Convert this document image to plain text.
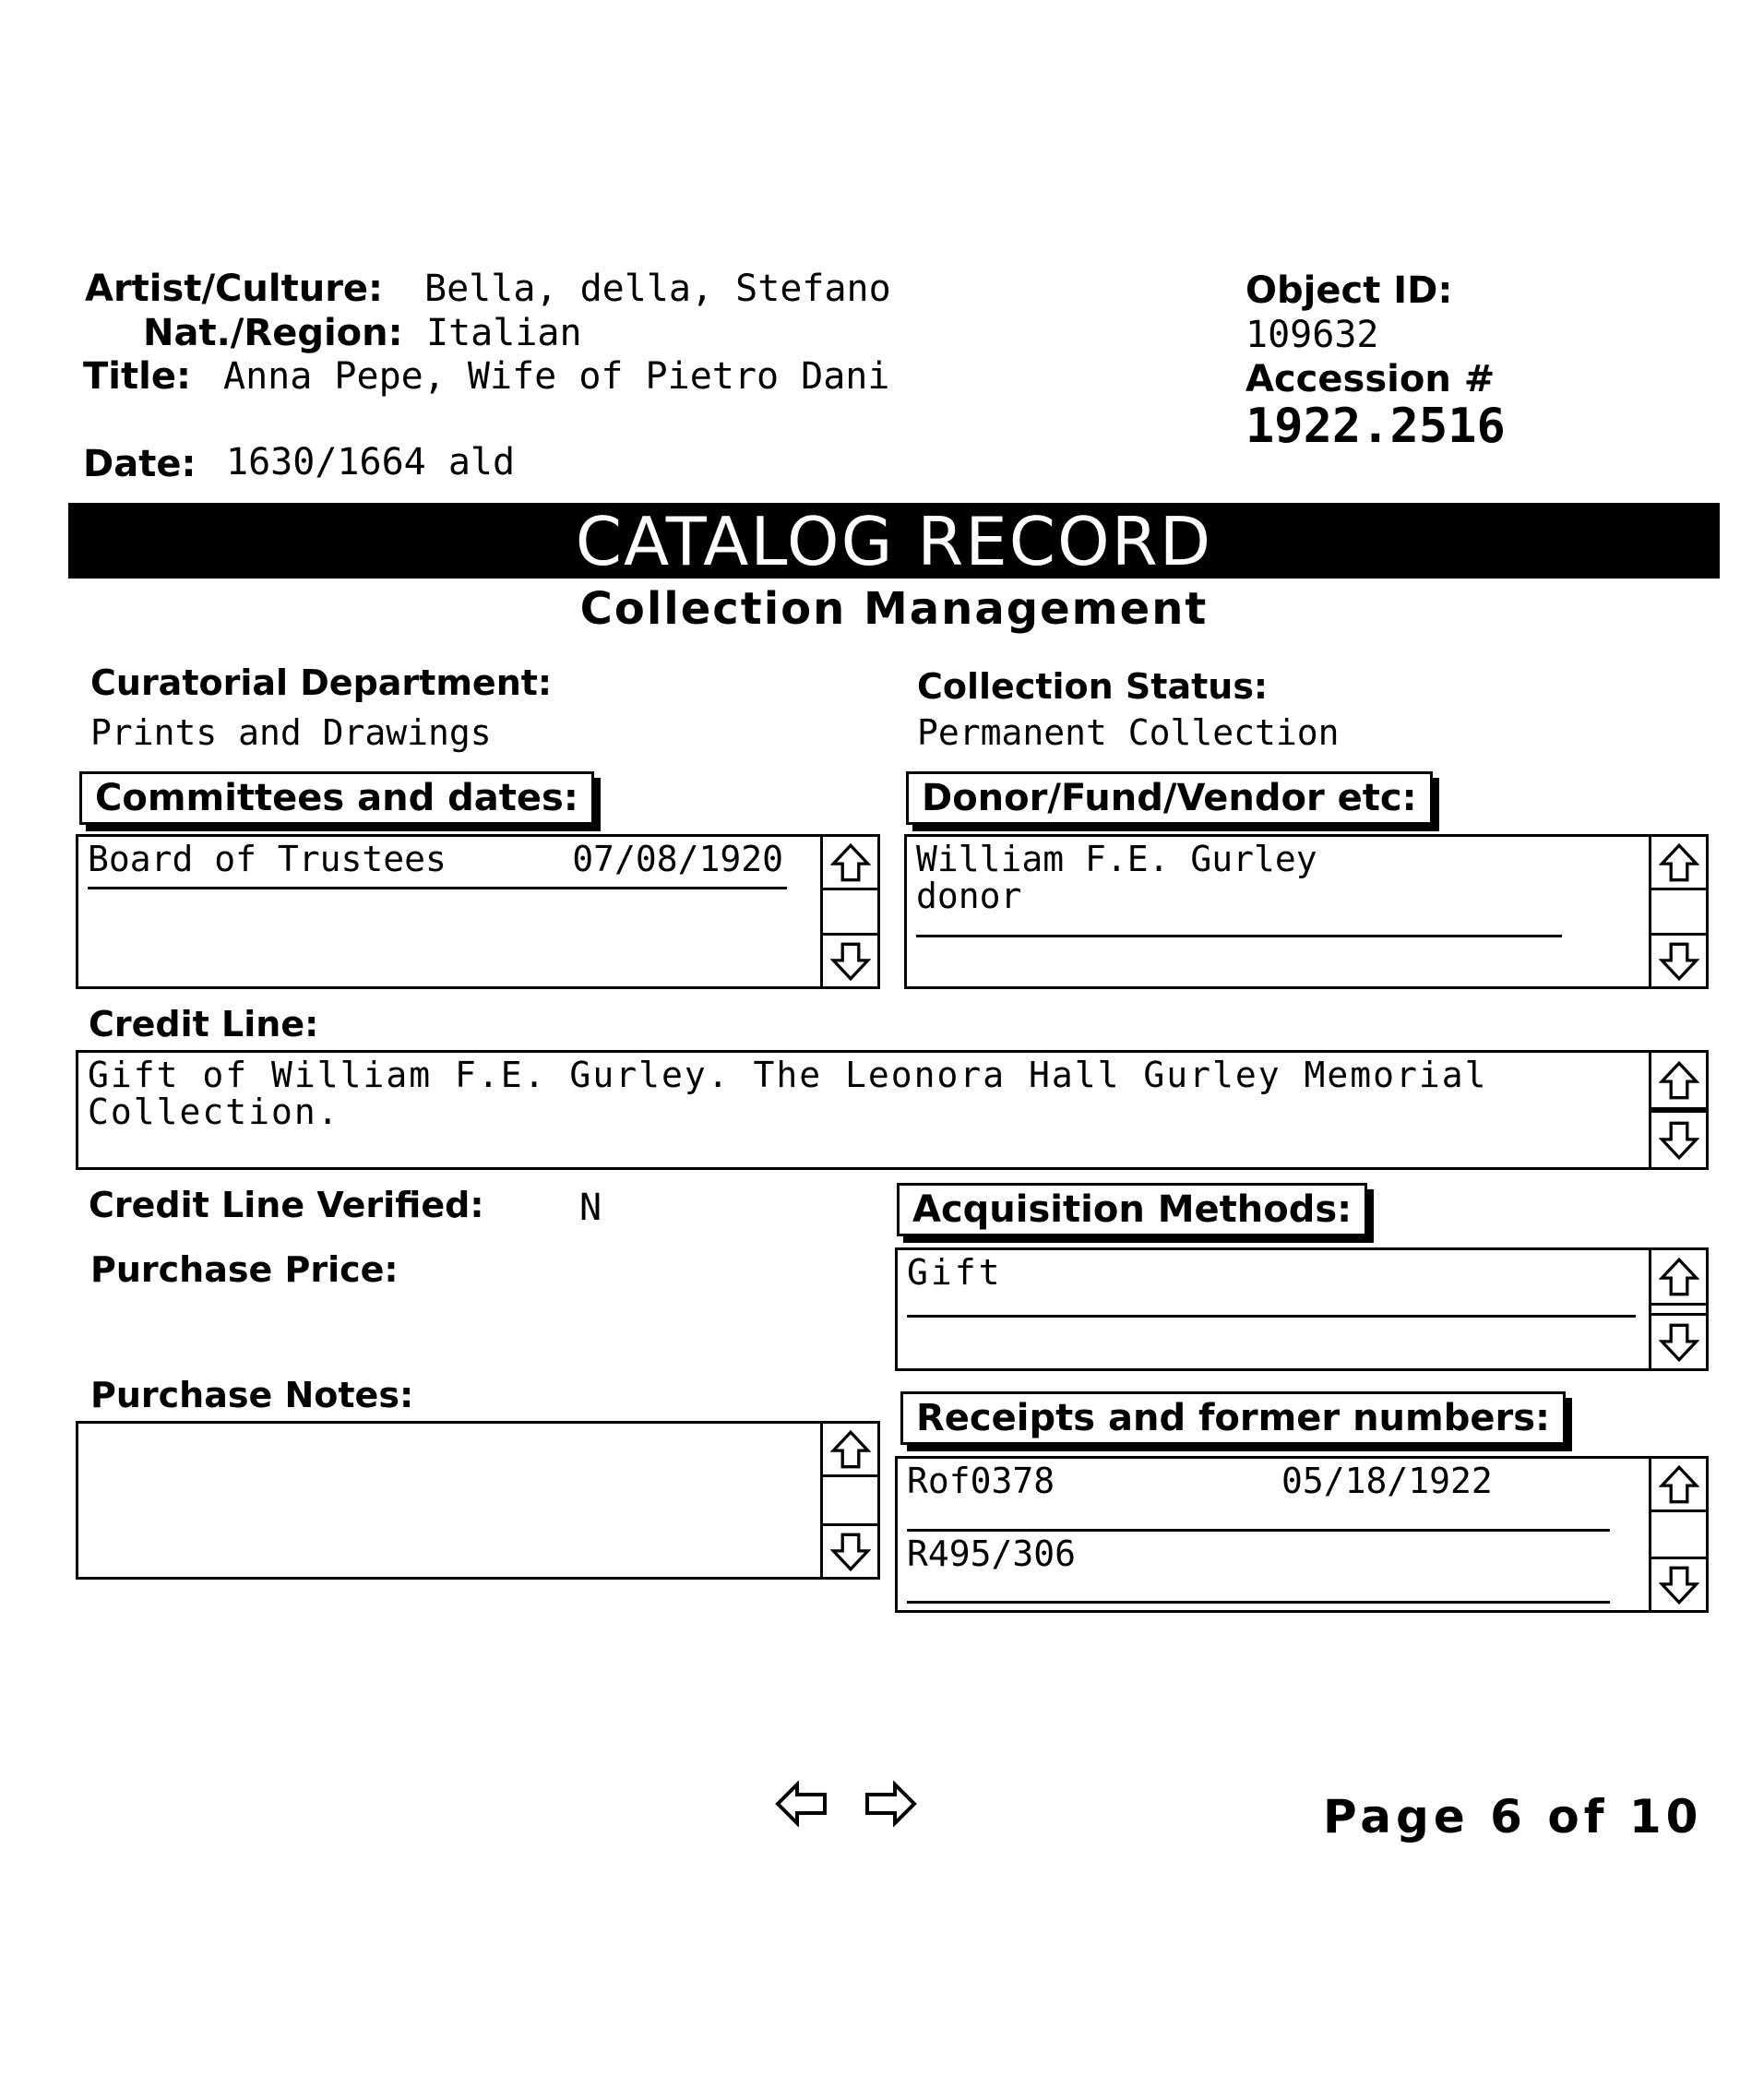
Artist/Culture: Bella, della, Stefano
Nat./Region: Italian
Title: Anna Pepe, Wife of Pietro Dani
Date: 1630/1664 ald
Object ID:
109632
Accession #
1922.2516
CATALOG RECORD
Collection Management
Curatorial Department:
Prints and Drawings
Collection Status:
Permanent Collection
Committees and dates:
Board of Trustees	07/08/1920
Donor/Fund/Vendor etc:
William F.E. Gurley
donor
Credit Line:
Gift of William F.E. Gurley. The Leonora Hall Gurley Memorial
Collection.
Credit Line Verified:	N
Purchase Price:
Purchase Notes:
Acquisition Methods:
Gift
Receipts and former numbers:
Rof0378	05/18/1922
R495/306
Page 6 of 10
